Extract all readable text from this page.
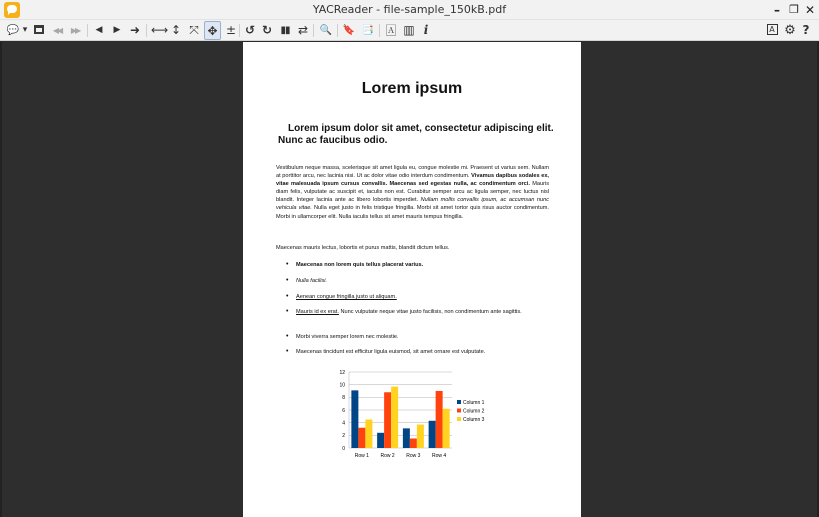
YACReader - file-sample_150kB.pdf	– ❐ ✕
💬 ▾	◀◀	▶▶	◀	▶ ➜ ⟷ ↕ ⤧ ✥ ± ↺ ↻ ▮▮ ⇄ 🔍 🔖 📑 🄰 ▥ i	A ⚙ ?
Lorem ipsum
Lorem ipsum dolor sit amet, consectetur adipiscing elit. Nunc ac faucibus odio.
Vestibulum neque massa, scelerisque sit amet ligula eu, congue molestie mi. Praesent ut varius sem. Nullam at porttitor arcu, nec lacinia nisi. Ut ac dolor vitae odio interdum condimentum. Vivamus dapibus sodales ex, vitae malesuada ipsum cursus convallis. Maecenas sed egestas nulla, ac condimentum orci. Mauris diam felis, vulputate ac suscipit et, iaculis non est. Curabitur semper arcu ac ligula semper, nec luctus nisl blandit. Integer lacinia ante ac libero lobortis imperdiet. Nullam mollis convallis ipsum, ac accumsan nunc vehicula vitae. Nulla eget justo in felis tristique fringilla. Morbi sit amet tortor quis risus auctor condimentum. Morbi in ullamcorper elit. Nulla iaculis tellus sit amet mauris tempus fringilla.
Maecenas mauris lectus, lobortis et purus mattis, blandit dictum tellus.
• Maecenas non lorem quis tellus placerat varius.
• Nulla facilisi.
• Aenean congue fringilla justo ut aliquam.
• Mauris id ex erat. Nunc vulputate neque vitae justo facilisis, non condimentum ante sagittis.
• Morbi viverra semper lorem nec molestie.
• Maecenas tincidunt est efficitur ligula euismod, sit amet ornare est vulputate.
0
2
4
6
8
10
12
Row 1 Row 2 Row 3 Row 4
Column 1
Column 2
Column 3
